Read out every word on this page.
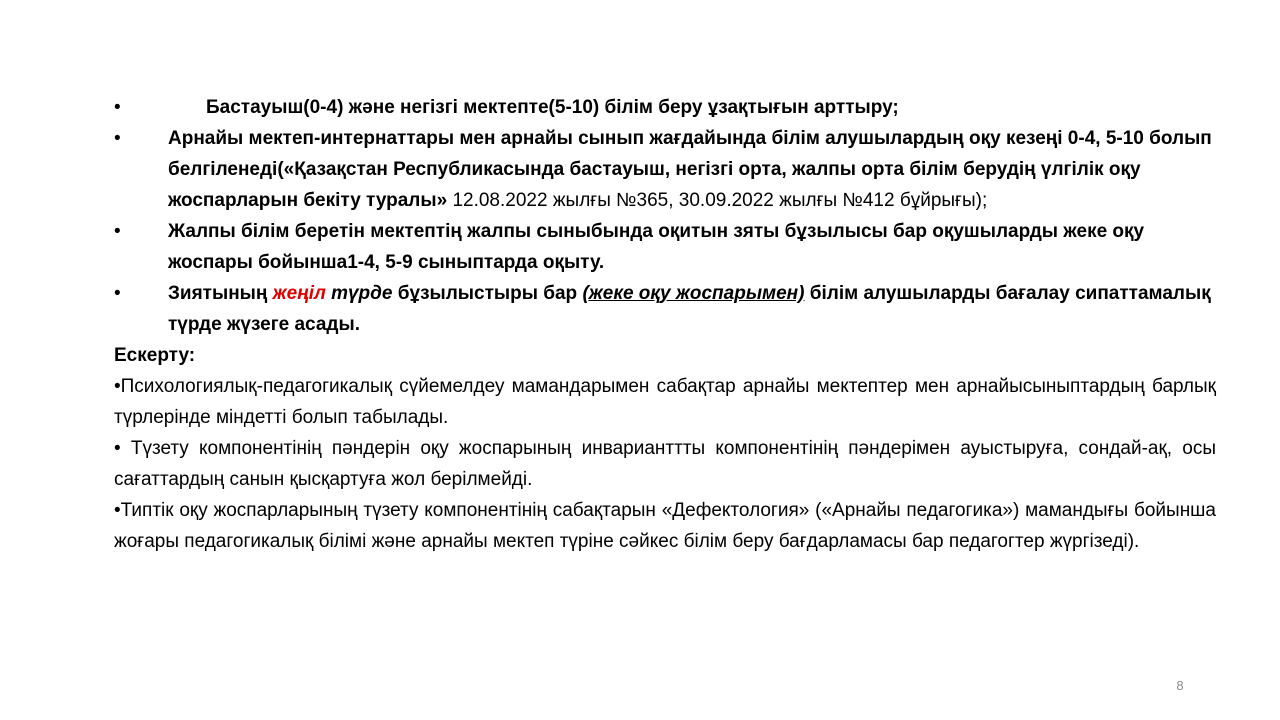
•	Бастауыш(0-4) және негізгі мектепте(5-10) білім беру ұзақтығын арттыру;
•	Арнайы мектеп-интернаттары мен арнайы сынып жағдайында білім алушылардың оқу кезеңі 0-4, 5-10 болып белгіленеді(«Қазақстан Республикасында бастауыш, негізгі орта, жалпы орта білім берудің үлгілік оқу жоспарларын бекіту туралы» 12.08.2022 жылғы №365, 30.09.2022 жылғы №412 бұйрығы);
•	Жалпы білім беретін мектептің жалпы сыныбында оқитын зяты бұзылысы бар оқушыларды жеке оқу жоспары бойынша1-4, 5-9 сыныптарда оқыту.
•	Зиятының жеңіл түрде бұзылыстыры бар (жеке оқу жоспарымен) білім алушыларды бағалау сипаттамалық түрде жүзеге асады.
Ескерту:
•Психологиялық-педагогикалық сүйемелдеу мамандарымен сабақтар арнайы мектептер мен арнайысыныптардың барлық түрлерінде міндетті болып табылады.
• Түзету компонентінің пәндерін оқу жоспарының инварианттты компонентінің пәндерімен ауыстыруға, сондай-ақ, осы сағаттардың санын қысқартуға жол берілмейді.
•Типтік оқу жоспарларының түзету компонентінің сабақтарын «Дефектология» («Арнайы педагогика») мамандығы бойынша жоғары педагогикалық білімі және арнайы мектеп түріне сәйкес білім беру бағдарламасы бар педагогтер жүргізеді).
8
